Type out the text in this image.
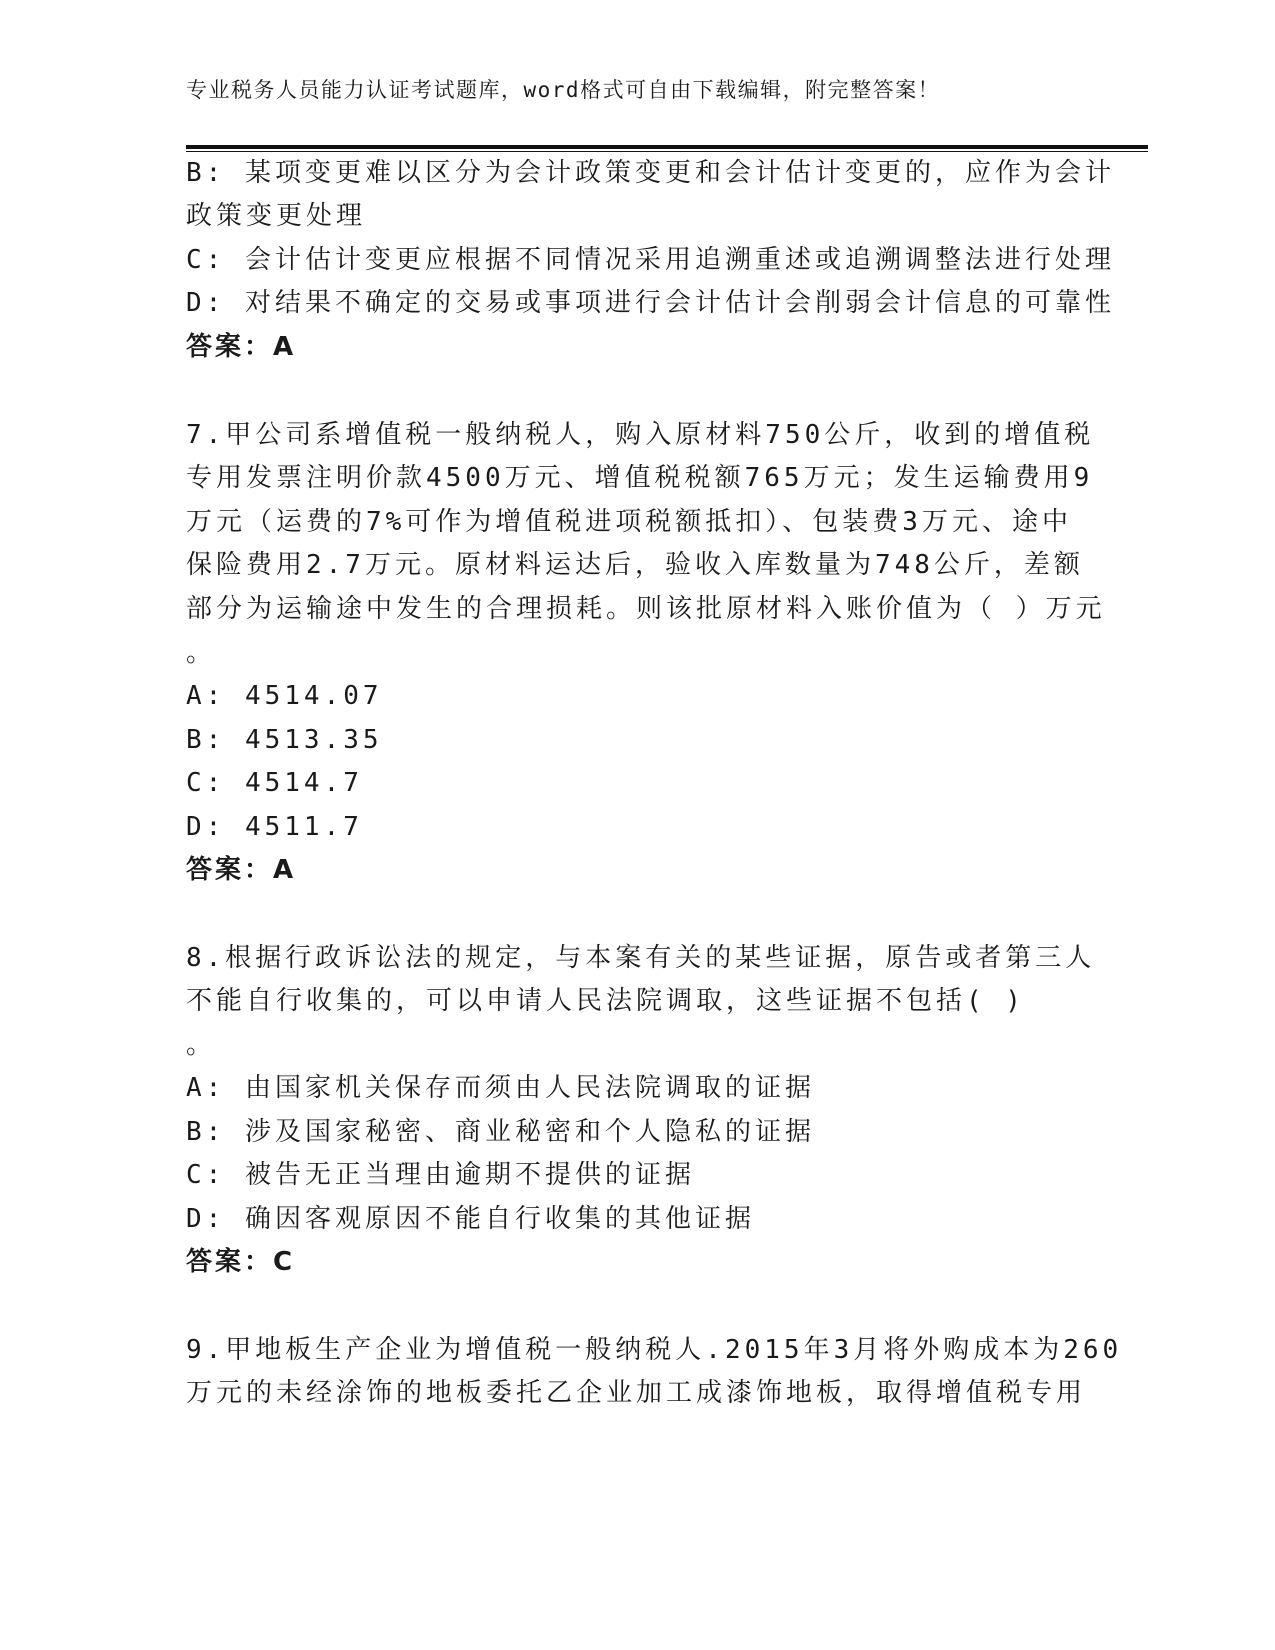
专业税务人员能力认证考试题库，word格式可自由下载编辑，附完整答案！
B: 某项变更难以区分为会计政策变更和会计估计变更的，应作为会计
政策变更处理
C: 会计估计变更应根据不同情况采用追溯重述或追溯调整法进行处理
D: 对结果不确定的交易或事项进行会计估计会削弱会计信息的可靠性
答案：A
7.甲公司系增值税一般纳税人，购入原材料750公斤，收到的增值税
专用发票注明价款4500万元、增值税税额765万元；发生运输费用9
万元（运费的7%可作为增值税进项税额抵扣）、包装费3万元、途中
保险费用2.7万元。原材料运达后，验收入库数量为748公斤，差额
部分为运输途中发生的合理损耗。则该批原材料入账价值为（ ）万元
。
A: 4514.07
B: 4513.35
C: 4514.7
D: 4511.7
答案：A
8.根据行政诉讼法的规定，与本案有关的某些证据，原告或者第三人
不能自行收集的，可以申请人民法院调取，这些证据不包括( )
。
A: 由国家机关保存而须由人民法院调取的证据
B: 涉及国家秘密、商业秘密和个人隐私的证据
C: 被告无正当理由逾期不提供的证据
D: 确因客观原因不能自行收集的其他证据
答案：C
9.甲地板生产企业为增值税一般纳税人.2015年3月将外购成本为260
万元的未经涂饰的地板委托乙企业加工成漆饰地板，取得增值税专用
